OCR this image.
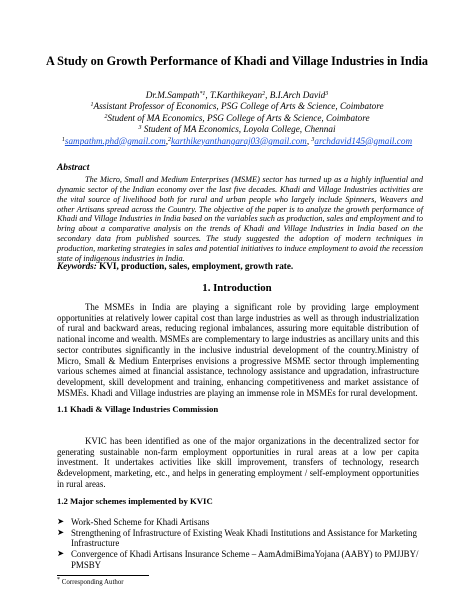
A Study on Growth Performance of Khadi and Village Industries in India
Dr.M.Sampath$^{*1}$, T.Karthikeyan$^2$, B.I.Arch David$^3$
$^1$Assistant Professor of Economics, PSG College of Arts & Science, Coimbatore
$^2$Student of MA Economics, PSG College of Arts & Science, Coimbatore
$^3$ Student of MA Economics, Loyola College, Chennai
$^1$sampathm.phd@gmail.com,$^2$karthikeyanthangaraj03@gmail.com, $^3$archdavid145@gmail.com
Abstract
The Micro, Small and Medium Enterprises (MSME) sector has turned up as a highly influential and dynamic sector of the Indian economy over the last five decades. Khadi and Village Industries activities are the vital source of livelihood both for rural and urban people who largely include Spinners, Weavers and other Artisans spread across the Country. The objective of the paper is to analyze the growth performance of Khadi and Village Industries in India based on the variables such as production, sales and employment and to bring about a comparative analysis on the trends of Khadi and Village Industries in India based on the secondary data from published sources. The study suggested the adoption of modern techniques in production, marketing strategies in sales and potential initiatives to induce employment to avoid the recession state of indigenous industries in India.
Keywords: KVI, production, sales, employment, growth rate.
1. Introduction
The MSMEs in India are playing a significant role by providing large employment opportunities at relatively lower capital cost than large industries as well as through industrialization of rural and backward areas, reducing regional imbalances, assuring more equitable distribution of national income and wealth. MSMEs are complementary to large industries as ancillary units and this sector contributes significantly in the inclusive industrial development of the country.Ministry of Micro, Small & Medium Enterprises envisions a progressive MSME sector through implementing various schemes aimed at financial assistance, technology assistance and upgradation, infrastructure development, skill development and training, enhancing competitiveness and market assistance of MSMEs. Khadi and Village industries are playing an immense role in MSMEs for rural development.
1.1 Khadi & Village Industries Commission
KVIC has been identified as one of the major organizations in the decentralized sector for generating sustainable non-farm employment opportunities in rural areas at a low per capita investment. It undertakes activities like skill improvement, transfers of technology, research &development, marketing, etc., and helps in generating employment / self-employment opportunities in rural areas.
1.2 Major schemes implemented by KVIC
➤ Work-Shed Scheme for Khadi Artisans
➤ Strengthening of Infrastructure of Existing Weak Khadi Institutions and Assistance for Marketing Infrastructure
➤ Convergence of Khadi Artisans Insurance Scheme – AamAdmiBimaYojana (AABY) to PMJJBY/ PMSBY
* Corresponding Author
